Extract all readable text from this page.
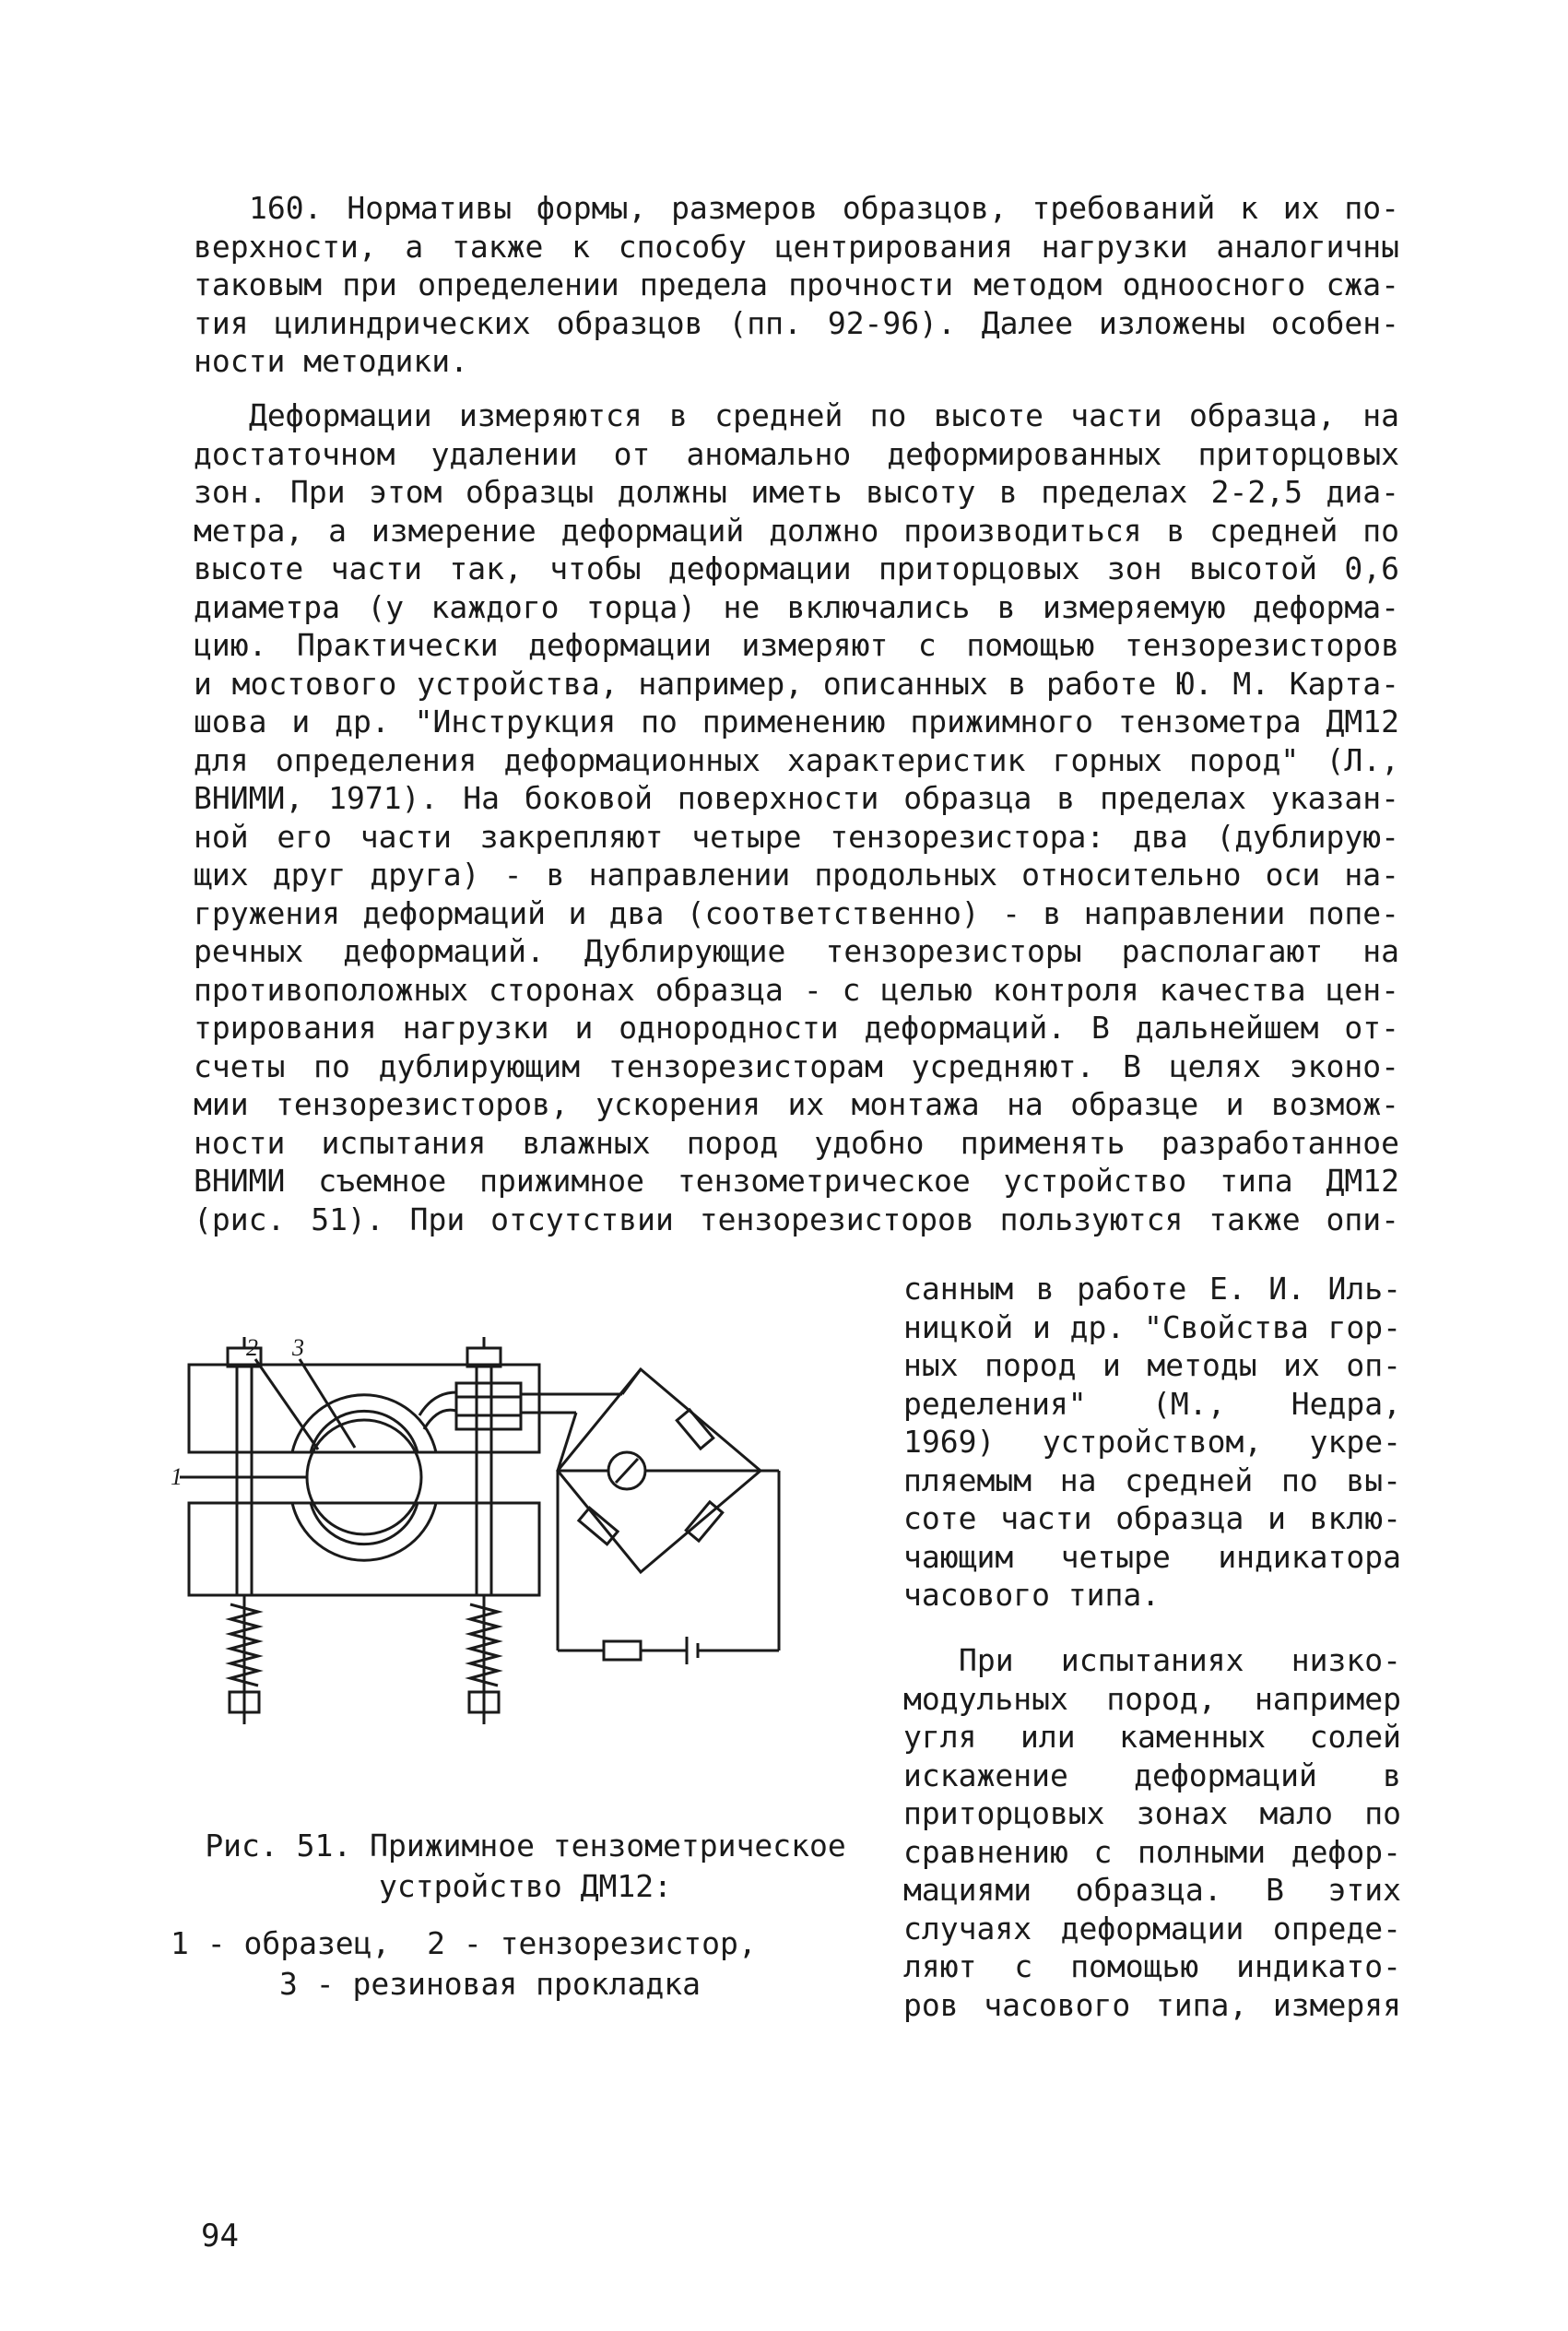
160. Нормативы формы, размеров образцов, требований к их по-
верхности, а также к способу центрирования нагрузки аналогичны
таковым при определении предела прочности методом одноосного сжа-
тия цилиндрических образцов (пп. 92-96). Далее изложены особен-
ности методики.
Деформации измеряются в средней по высоте части образца, на
достаточном удалении от аномально деформированных приторцовых
зон. При этом образцы должны иметь высоту в пределах 2-2,5 диа-
метра, а измерение деформаций должно производиться в средней по
высоте части так, чтобы деформации приторцовых зон высотой 0,6
диаметра (у каждого торца) не включались в измеряемую деформа-
цию. Практически деформации измеряют с помощью тензорезисторов
и мостового устройства, например, описанных в работе Ю. М. Карта-
шова и др. "Инструкция по применению прижимного тензометра ДМ12
для определения деформационных характеристик горных пород" (Л.,
ВНИМИ, 1971). На боковой поверхности образца в пределах указан-
ной его части закрепляют четыре тензорезистора: два (дублирую-
щих друг друга) - в направлении продольных относительно оси на-
гружения деформаций и два (соответственно) - в направлении попе-
речных деформаций. Дублирующие тензорезисторы располагают на
противоположных сторонах образца - с целью контроля качества цен-
трирования нагрузки и однородности деформаций. В дальнейшем от-
счеты по дублирующим тензорезисторам усредняют. В целях эконо-
мии тензорезисторов, ускорения их монтажа на образце и возмож-
ности испытания влажных пород удобно применять разработанное
ВНИМИ съемное прижимное тензометрическое устройство типа ДМ12
(рис. 51). При отсутствии тензорезисторов пользуются также опи-
санным в работе Е. И. Иль-
ницкой и др. "Свойства гор-
ных пород и методы их оп-
ределения" (М., Недра,
1969) устройством, укре-
пляемым на средней по вы-
соте части образца и вклю-
чающим четыре индикатора
часового типа.
При испытаниях низко-
модульных пород, например
угля или каменных солей
искажение деформаций в
приторцовых зонах мало по
сравнению с полными дефор-
мациями образца. В этих
случаях деформации опреде-
ляют с помощью индикато-
ров часового типа, измеряя
1
2 3
Рис. 51. Прижимное тензометрическое
устройство ДМ12:
1 - образец,  2 - тензорезистор,
3 - резиновая прокладка
94
